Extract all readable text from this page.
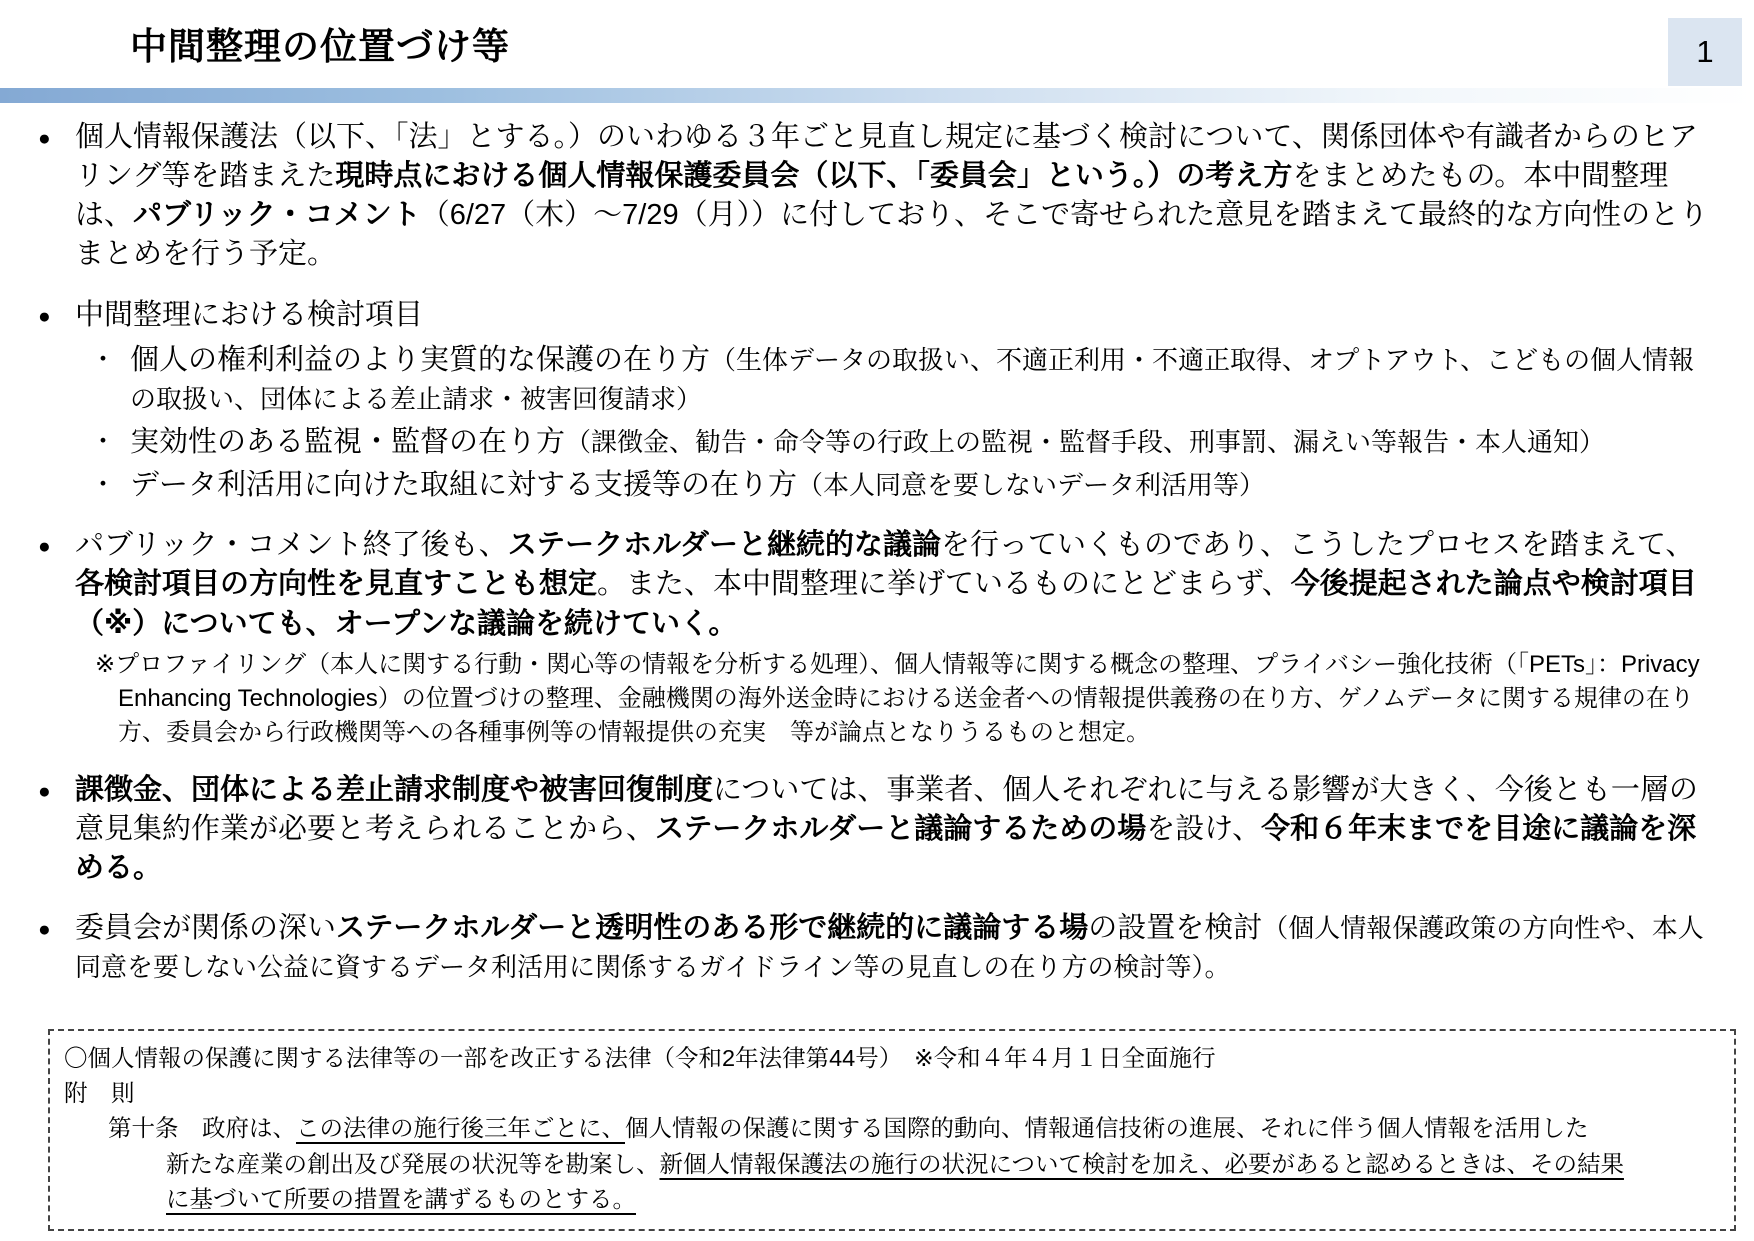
中間整理の位置づけ等	1
● 個人情報保護法（以下、「法」とする。）のいわゆる３年ごと見直し規定に基づく検討について、関係団体や有識者からのヒアリング等を踏まえた現時点における個人情報保護委員会（以下、「委員会」という。）の考え方をまとめたもの。本中間整理は、パブリック・コメント（6/27（木）～7/29（月））に付しており、そこで寄せられた意見を踏まえて最終的な方向性のとりまとめを行う予定。
● 中間整理における検討項目
・ 個人の権利利益のより実質的な保護の在り方（生体データの取扱い、不適正利用・不適正取得、オプトアウト、こどもの個人情報の取扱い、団体による差止請求・被害回復請求）
・ 実効性のある監視・監督の在り方（課徴金、勧告・命令等の行政上の監視・監督手段、刑事罰、漏えい等報告・本人通知）
・ データ利活用に向けた取組に対する支援等の在り方（本人同意を要しないデータ利活用等）
● パブリック・コメント終了後も、ステークホルダーと継続的な議論を行っていくものであり、こうしたプロセスを踏まえて、各検討項目の方向性を見直すことも想定。また、本中間整理に挙げているものにとどまらず、今後提起された論点や検討項目（※）についても、オープンな議論を続けていく。
※プロファイリング（本人に関する行動・関心等の情報を分析する処理）、個人情報等に関する概念の整理、プライバシー強化技術（「PETs」：Privacy Enhancing Technologies）の位置づけの整理、金融機関の海外送金時における送金者への情報提供義務の在り方、ゲノムデータに関する規律の在り方、委員会から行政機関等への各種事例等の情報提供の充実　等が論点となりうるものと想定。
● 課徴金、団体による差止請求制度や被害回復制度については、事業者、個人それぞれに与える影響が大きく、今後とも一層の意見集約作業が必要と考えられることから、ステークホルダーと議論するための場を設け、令和６年末までを目途に議論を深める。
● 委員会が関係の深いステークホルダーと透明性のある形で継続的に議論する場の設置を検討（個人情報保護政策の方向性や、本人同意を要しない公益に資するデータ利活用に関係するガイドライン等の見直しの在り方の検討等）。
〇個人情報の保護に関する法律等の一部を改正する法律（令和2年法律第44号）　※令和４年４月１日全面施行
附　則
第十条　政府は、この法律の施行後三年ごとに、個人情報の保護に関する国際的動向、情報通信技術の進展、それに伴う個人情報を活用した
新たな産業の創出及び発展の状況等を勘案し、新個人情報保護法の施行の状況について検討を加え、必要があると認めるときは、その結果
に基づいて所要の措置を講ずるものとする。
